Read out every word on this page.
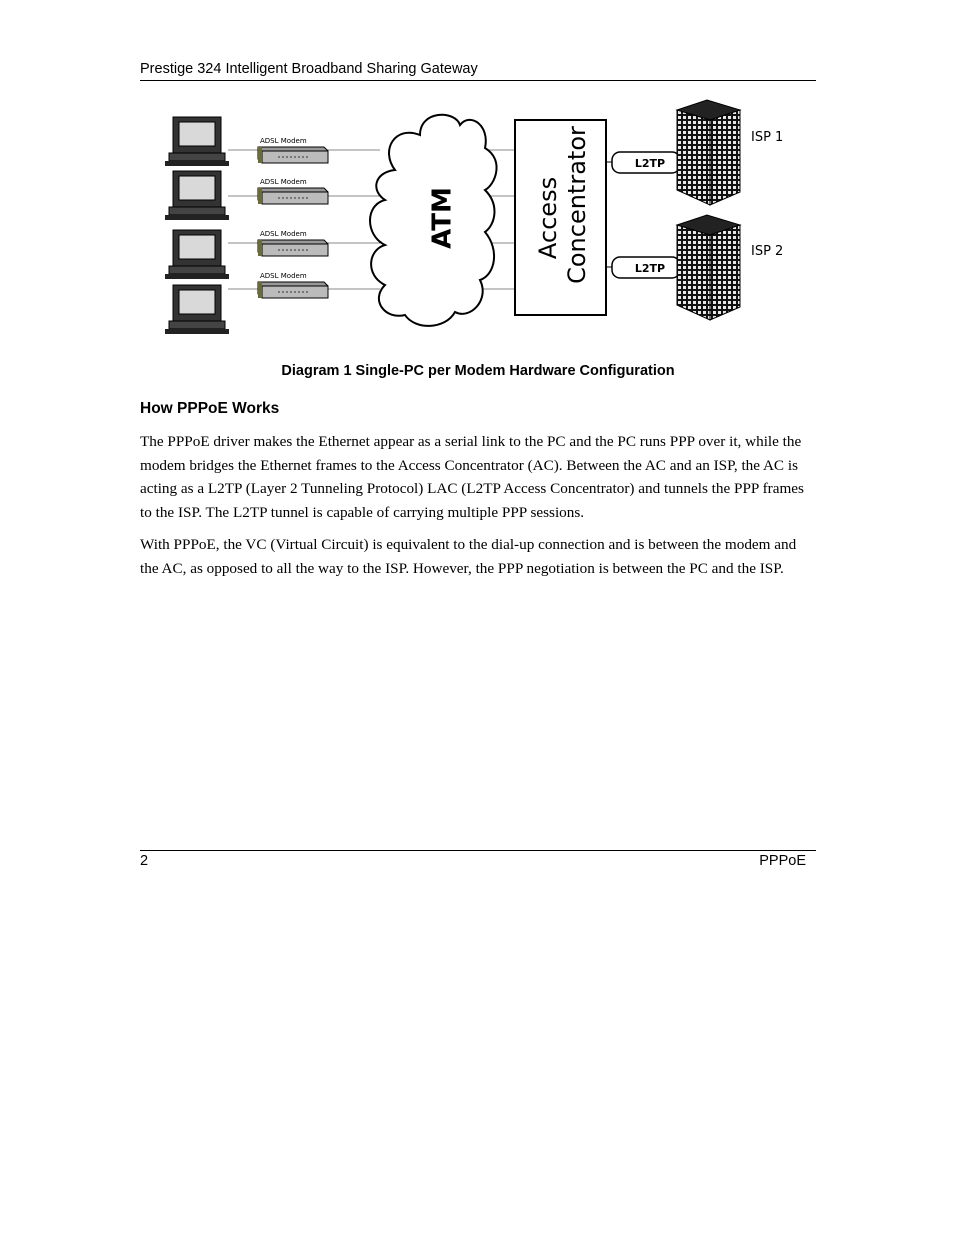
Prestige 324 Intelligent Broadband Sharing Gateway
ADSL Modem
ADSL Modem
ADSL Modem
ADSL Modem
ATM	Access Concentrator	L2TP
L2TP
ISP 1
ISP 2
Diagram 1 Single-PC per Modem Hardware Configuration
How PPPoE Works

The PPPoE driver makes the Ethernet appear as a serial link to the PC and the PC runs PPP over it, while the modem bridges the Ethernet frames to the Access Concentrator (AC). Between the AC and an ISP, the AC is acting as a L2TP (Layer 2 Tunneling Protocol) LAC (L2TP Access Concentrator) and tunnels the PPP frames to the ISP. The L2TP tunnel is capable of carrying multiple PPP sessions.

With PPPoE, the VC (Virtual Circuit) is equivalent to the dial-up connection and is between the modem and the AC, as opposed to all the way to the ISP. However, the PPP negotiation is between the PC and the ISP.

2	PPPoE
